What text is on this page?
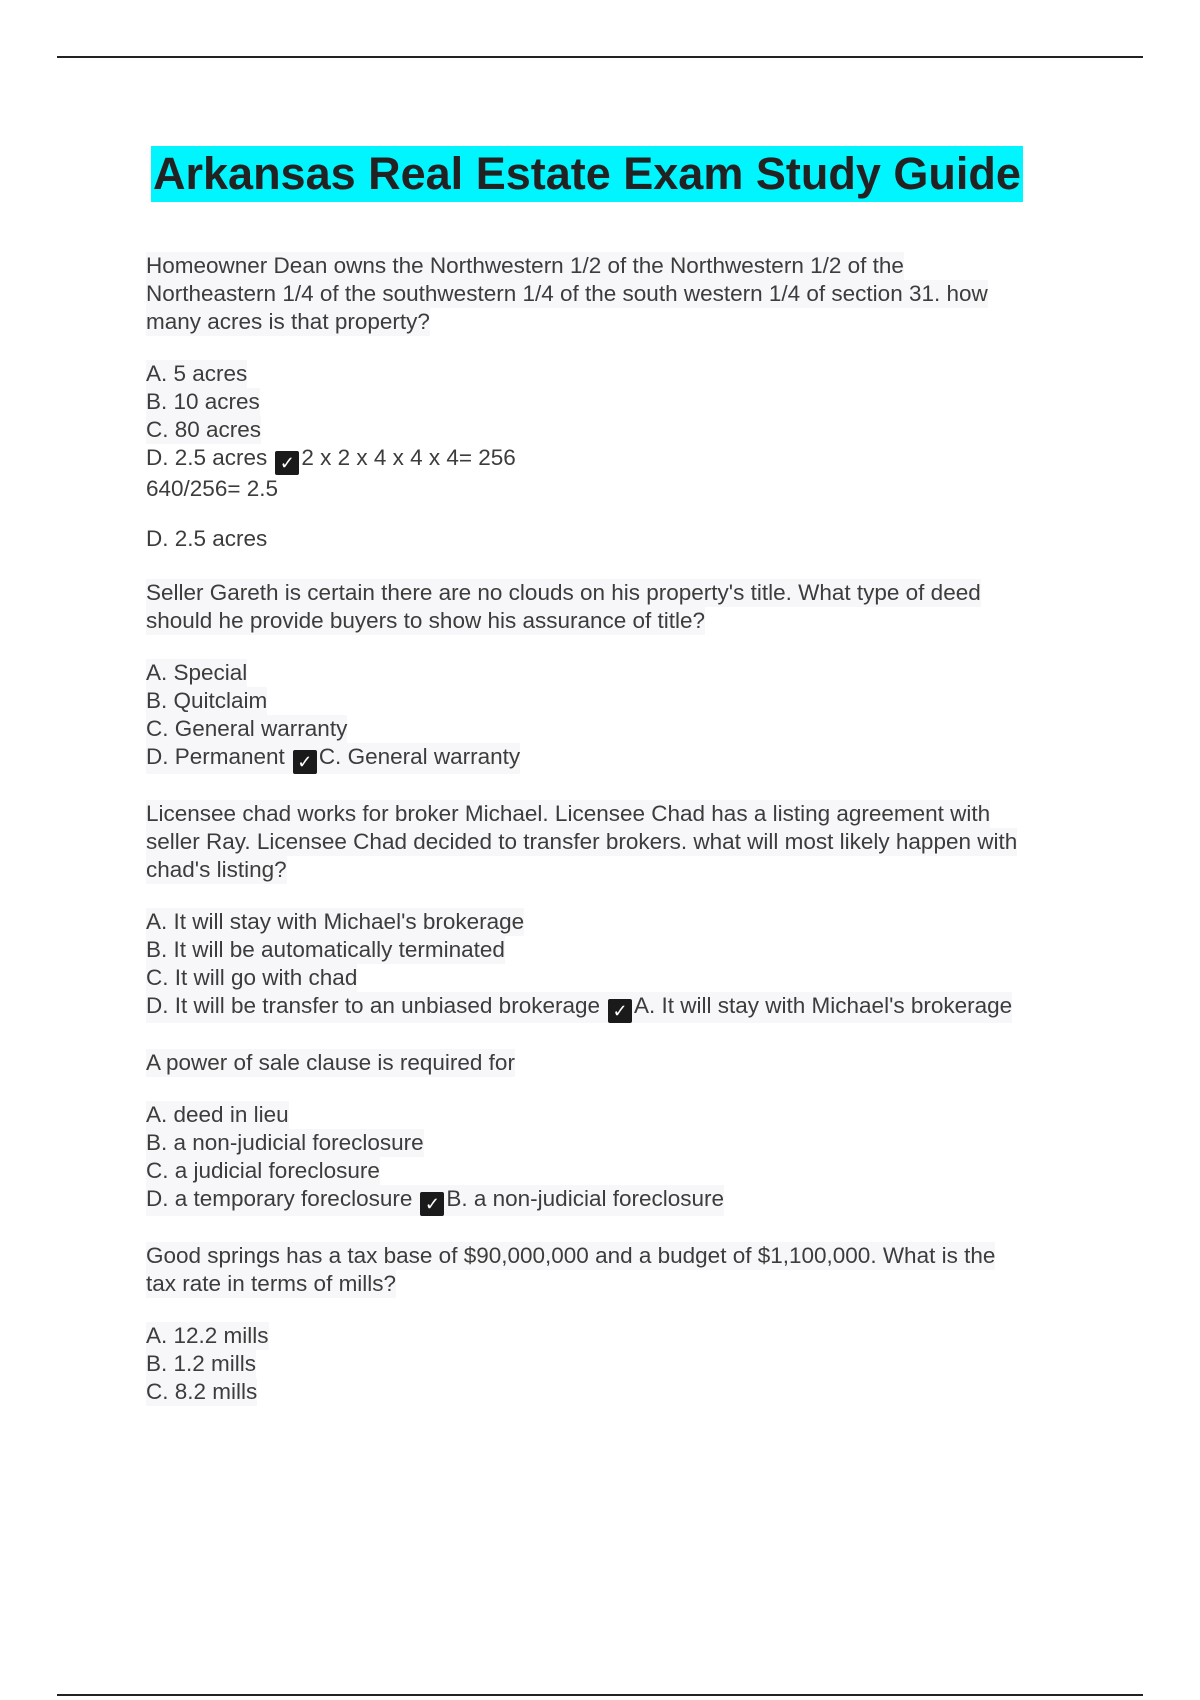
Arkansas Real Estate Exam Study Guide
Homeowner Dean owns the Northwestern 1/2 of the Northwestern 1/2 of the
Northeastern 1/4 of the southwestern 1/4 of the south western 1/4 of section 31. how
many acres is that property?
A. 5 acres
B. 10 acres
C. 80 acres
D. 2.5 acres ✓ 2 x 2 x 4 x 4 x 4= 256
640/256= 2.5
D. 2.5 acres
Seller Gareth is certain there are no clouds on his property's title. What type of deed
should he provide buyers to show his assurance of title?
A. Special
B. Quitclaim
C. General warranty
D. Permanent ✓ C. General warranty
Licensee chad works for broker Michael. Licensee Chad has a listing agreement with
seller Ray. Licensee Chad decided to transfer brokers. what will most likely happen with
chad's listing?
A. It will stay with Michael's brokerage
B. It will be automatically terminated
C. It will go with chad
D. It will be transfer to an unbiased brokerage ✓ A. It will stay with Michael's brokerage
A power of sale clause is required for
A. deed in lieu
B. a non-judicial foreclosure
C. a judicial foreclosure
D. a temporary foreclosure ✓ B. a non-judicial foreclosure
Good springs has a tax base of $90,000,000 and a budget of $1,100,000. What is the
tax rate in terms of mills?
A. 12.2 mills
B. 1.2 mills
C. 8.2 mills
